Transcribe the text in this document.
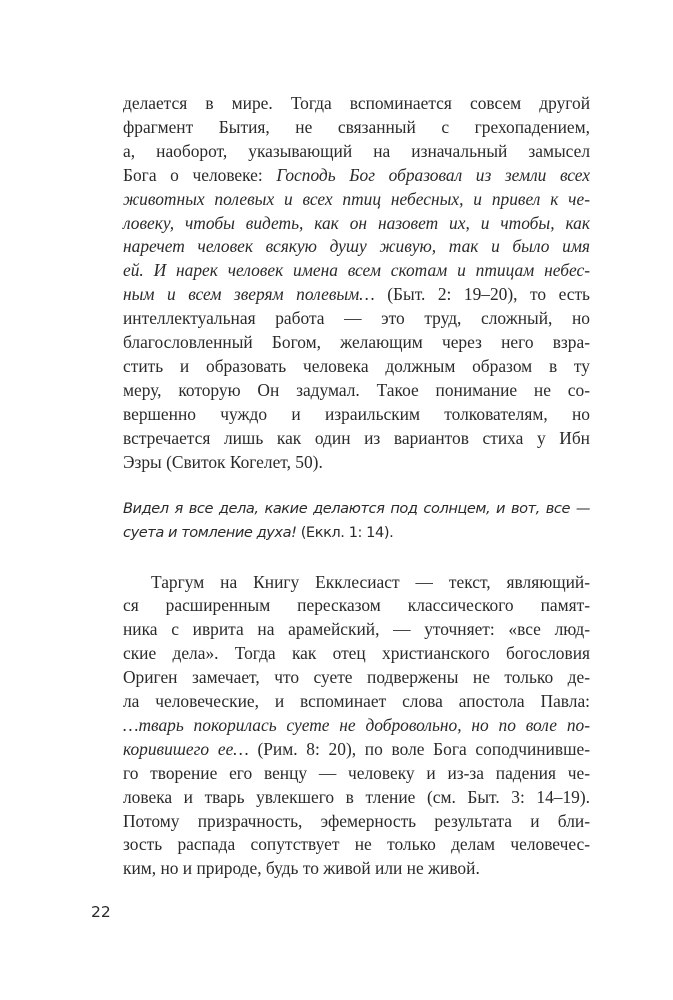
делается в мире. Тогда вспоминается совсем другой
фрагмент Бытия, не связанный с грехопадением,
а, наоборот, указывающий на изначальный замысел
Бога о человеке: Господь Бог образовал из земли всех
животных полевых и всех птиц небесных, и привел к че-
ловеку, чтобы видеть, как он назовет их, и чтобы, как
наречет человек всякую душу живую, так и было имя
ей. И нарек человек имена всем скотам и птицам небес-
ным и всем зверям полевым… (Быт. 2: 19–20), то есть
интеллектуальная работа — это труд, сложный, но
благословленный Богом, желающим через него взра-
стить и образовать человека должным образом в ту
меру, которую Он задумал. Такое понимание не со-
вершенно чуждо и израильским толкователям, но
встречается лишь как один из вариантов стиха у Ибн
Эзры (Свиток Когелет, 50).

Видел я все дела, какие делаются под солнцем, и вот, все —
суета и томление духа! (Еккл. 1: 14).

Таргум на Книгу Екклесиаст — текст, являющий-
ся расширенным пересказом классического памят-
ника с иврита на арамейский, — уточняет: «все люд-
ские дела». Тогда как отец христианского богословия
Ориген замечает, что суете подвержены не только де-
ла человеческие, и вспоминает слова апостола Павла:
…тварь покорилась суете не добровольно, но по воле по-
коривишего ее… (Рим. 8: 20), по воле Бога соподчинивше-
го творение его венцу — человеку и из-за падения че-
ловека и тварь увлекшего в тление (см. Быт. 3: 14–19).
Потому призрачность, эфемерность результата и бли-
зость распада сопутствует не только делам человечес-
ким, но и природе, будь то живой или не живой.

22
